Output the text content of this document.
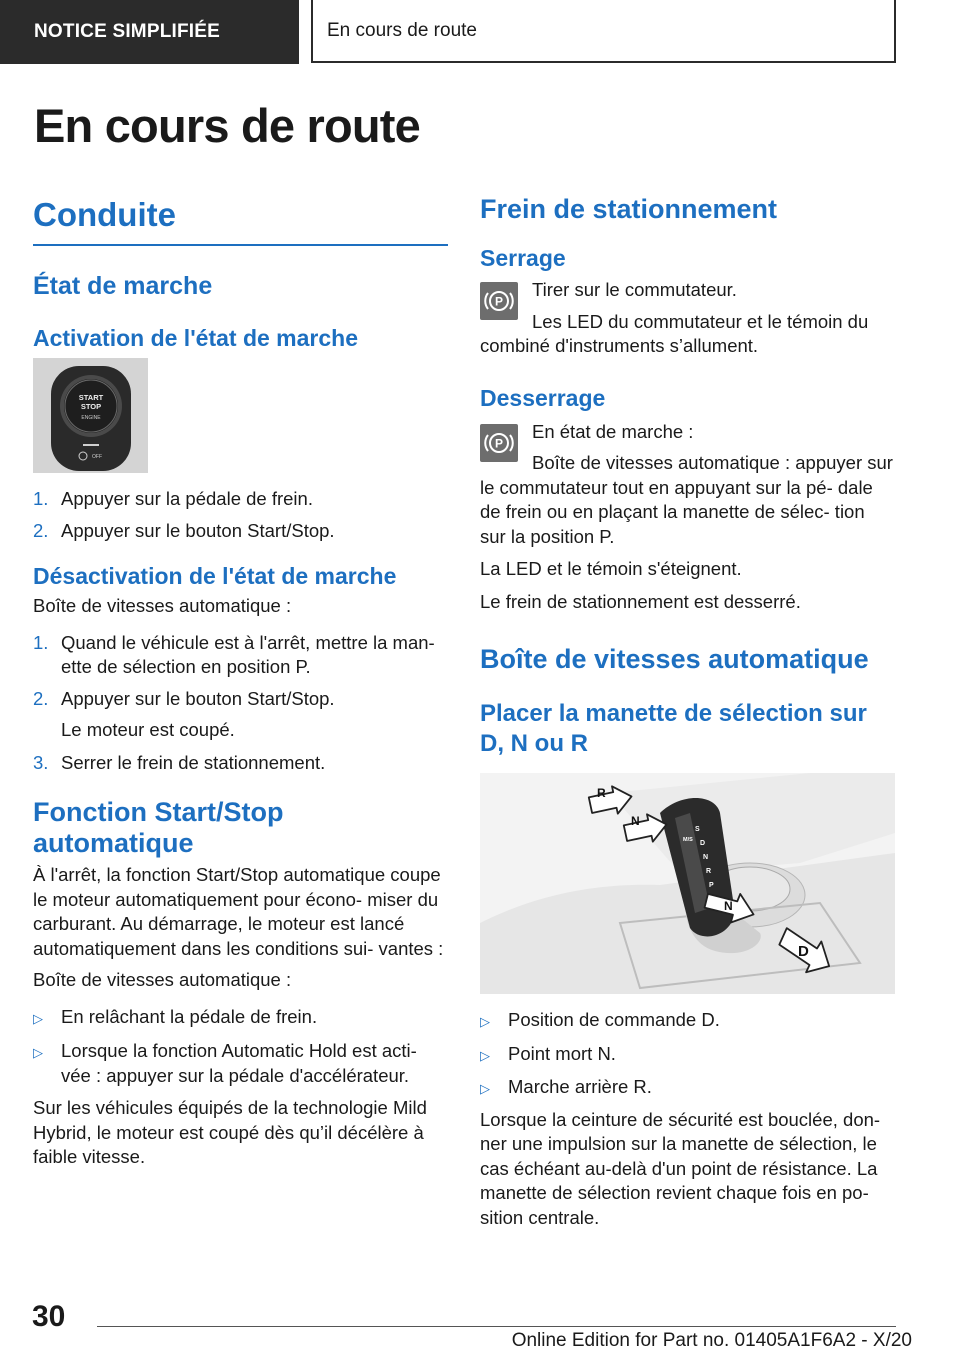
NOTICE SIMPLIFIÉE	En cours de route
En cours de route
Conduite
État de marche
Activation de l'état de marche
START
STOP
ENGINE
OFF
1. Appuyer sur la pédale de frein.
2. Appuyer sur le bouton Start/Stop.
Désactivation de l'état de marche

Boîte de vitesses automatique :

1. Quand le véhicule est à l'arrêt, mettre la man- ette de sélection en position P.
2. Appuyer sur le bouton Start/Stop.

Le moteur est coupé.

3. Serrer le frein de stationnement.
Fonction Start/Stop automatique

À l'arrêt, la fonction Start/Stop automatique coupe le moteur automatiquement pour écono- miser du carburant. Au démarrage, le moteur est lancé automatiquement dans les conditions sui- vantes :

Boîte de vitesses automatique :

▷ En relâchant la pédale de frein.
▷ Lorsque la fonction Automatic Hold est acti- vée : appuyer sur la pédale d'accélérateur.

Sur les véhicules équipés de la technologie Mild Hybrid, le moteur est coupé dès qu’il décélère à faible vitesse.

Frein de stationnement
Serrage
P

Tirer sur le commutateur.

Les LED du commutateur et le témoin du combiné d'instruments s’allument.

Desserrage
P

En état de marche :

Boîte de vitesses automatique : appuyer sur le commutateur tout en appuyant sur la pé- dale de frein ou en plaçant la manette de sélec- tion sur la position P.

La LED et le témoin s'éteignent.

Le frein de stationnement est desserré.

Boîte de vitesses automatique
Placer la manette de sélection sur D, N ou R
S
M/S D
N
R
P
R
N
N
D
▷ Position de commande D.
▷ Point mort N.
▷ Marche arrière R.

Lorsque la ceinture de sécurité est bouclée, don- ner une impulsion sur la manette de sélection, le cas échéant au-delà d'un point de résistance. La manette de sélection revient chaque fois en po- sition centrale.

30
Online Edition for Part no. 01405A1F6A2 - X/20
